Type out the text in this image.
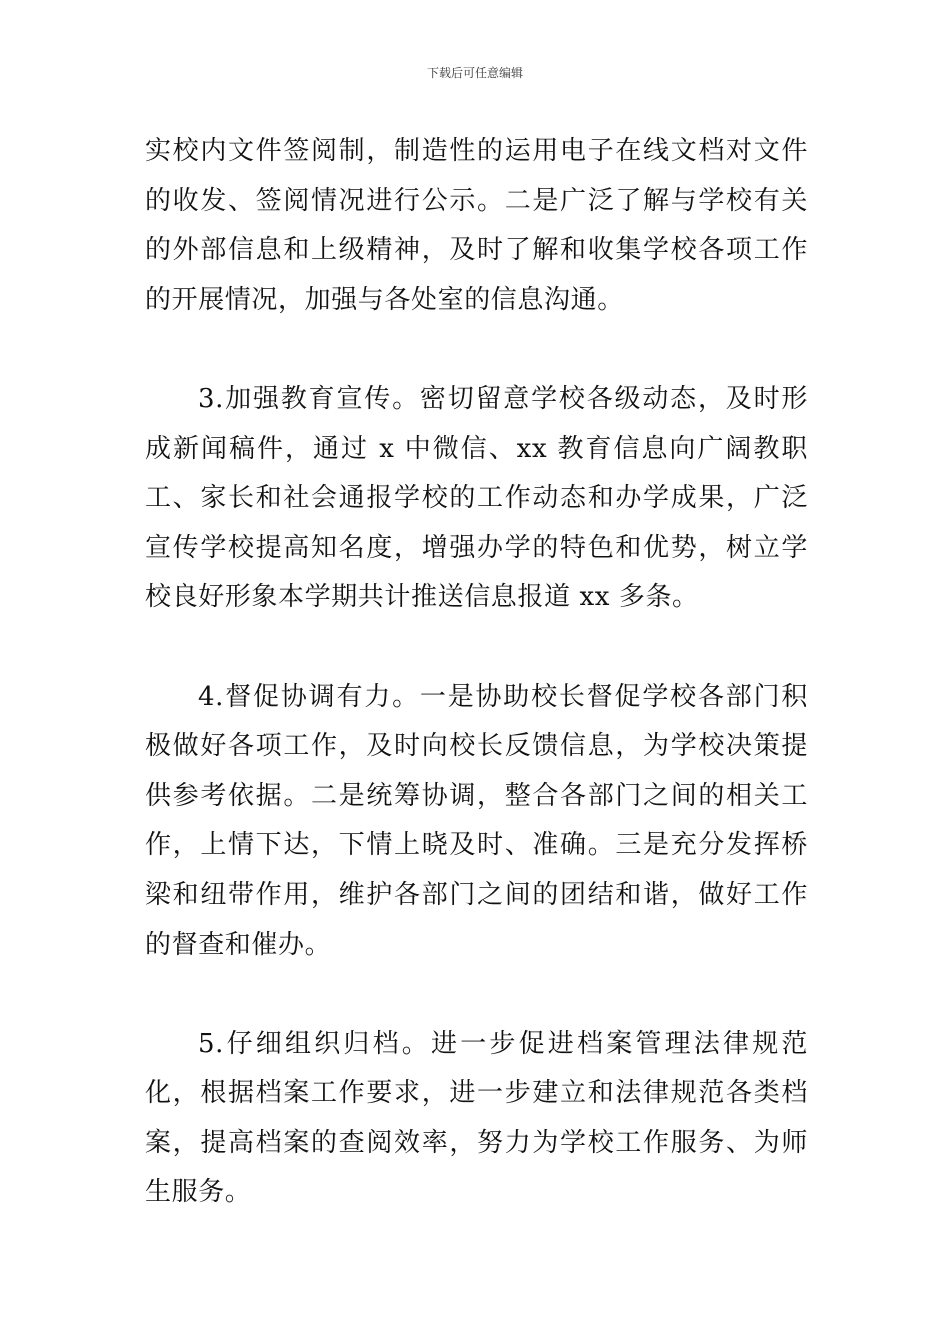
下载后可任意编辑

实校内文件签阅制，制造性的运用电子在线文档对文件的收发、签阅情况进行公示。二是广泛了解与学校有关的外部信息和上级精神，及时了解和收集学校各项工作的开展情况，加强与各处室的信息沟通。

3.加强教育宣传。密切留意学校各级动态，及时形成新闻稿件，通过 x 中微信、xx 教育信息向广阔教职工、家长和社会通报学校的工作动态和办学成果，广泛宣传学校提高知名度，增强办学的特色和优势，树立学校良好形象本学期共计推送信息报道 xx 多条。

4.督促协调有力。一是协助校长督促学校各部门积极做好各项工作，及时向校长反馈信息，为学校决策提供参考依据。二是统筹协调，整合各部门之间的相关工作，上情下达，下情上晓及时、准确。三是充分发挥桥梁和纽带作用，维护各部门之间的团结和谐，做好工作的督查和催办。

5.仔细组织归档。进一步促进档案管理法律规范化，根据档案工作要求，进一步建立和法律规范各类档案，提高档案的查阅效率，努力为学校工作服务、为师生服务。
